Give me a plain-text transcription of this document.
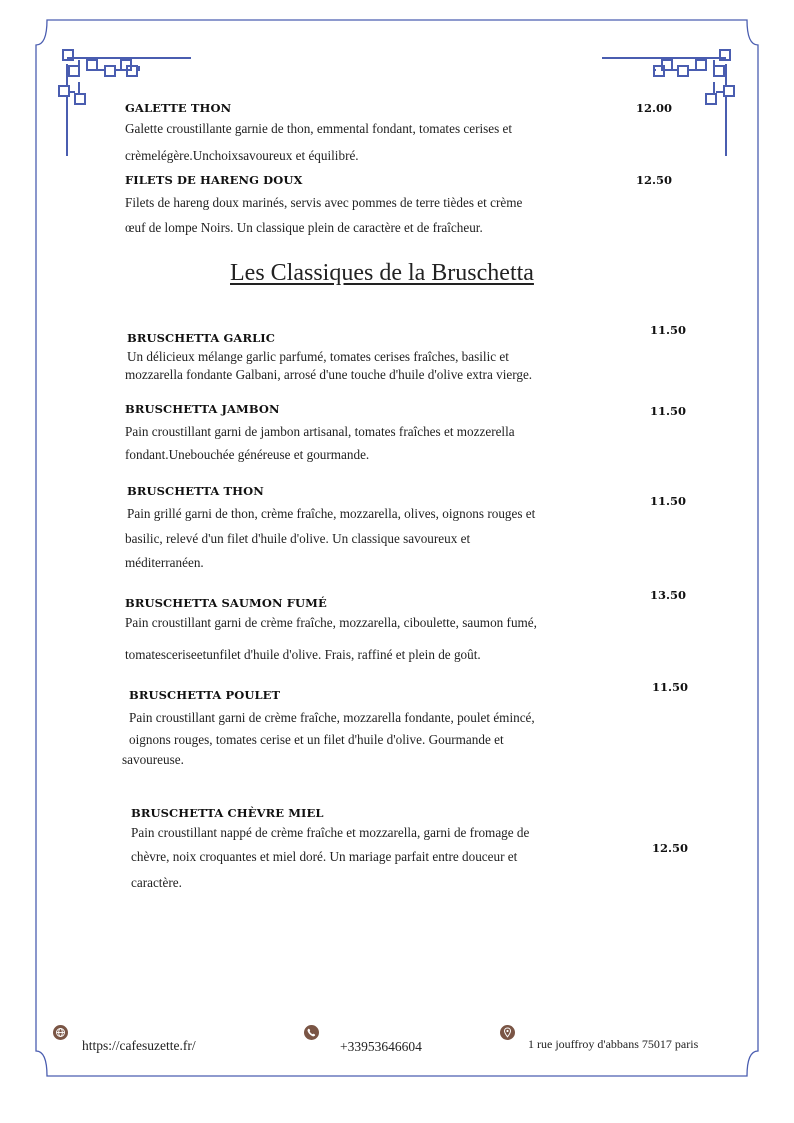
GALETTE THON	12.00
Galette croustillante garnie de thon, emmental fondant, tomates cerises et
crèmelégère.Unchoixsavoureux et équilibré.
FILETS DE HARENG DOUX	12.50
Filets de hareng doux marinés, servis avec pommes de terre tièdes et crème
œuf de lompe Noirs. Un classique plein de caractère et de fraîcheur.
Les Classiques de la Bruschetta
BRUSCHETTA GARLIC
11.50
Un délicieux mélange garlic parfumé, tomates cerises fraîches, basilic et
mozzarella fondante Galbani, arrosé d'une touche d'huile d'olive extra vierge.
BRUSCHETTA JAMBON	11.50
Pain croustillant garni de jambon artisanal, tomates fraîches et mozzerella
fondant.Unebouchée généreuse et gourmande.
BRUSCHETTA THON
11.50
Pain grillé garni de thon, crème fraîche, mozzarella, olives, oignons rouges et
basilic, relevé d'un filet d'huile d'olive. Un classique savoureux et
méditerranéen.
BRUSCHETTA SAUMON FUMÉ
13.50
Pain croustillant garni de crème fraîche, mozzarella, ciboulette, saumon fumé,
tomatesceriseetunfilet d'huile d'olive. Frais, raffiné et plein de goût.
BRUSCHETTA POULET
11.50
Pain croustillant garni de crème fraîche, mozzarella fondante, poulet émincé,
oignons rouges, tomates cerise et un filet d'huile d'olive. Gourmande et
savoureuse.
BRUSCHETTA CHÈVRE MIEL
12.50
Pain croustillant nappé de crème fraîche et mozzarella, garni de fromage de
chèvre, noix croquantes et miel doré. Un mariage parfait entre douceur et
caractère.
https://cafesuzette.fr/	+33953646604	1 rue jouffroy d'abbans 75017 paris
